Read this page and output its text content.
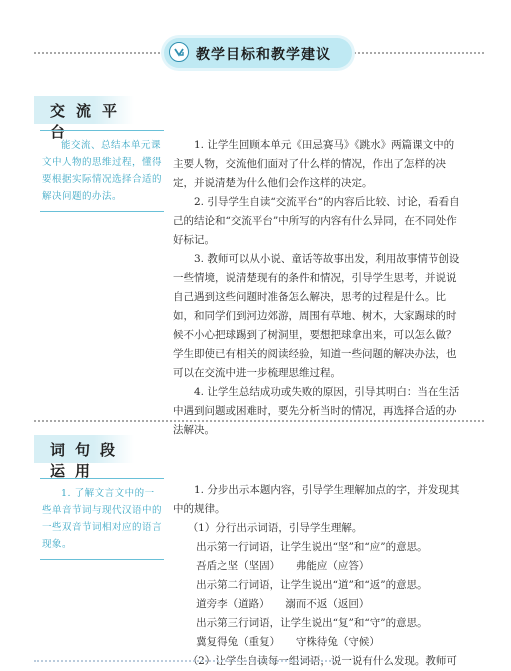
教学目标和教学建议
交流平台
能交流、总结本单元课文中人物的思维过程，懂得要根据实际情况选择合适的解决问题的办法。

1. 让学生回顾本单元《田忌赛马》《跳水》两篇课文中的主要人物，交流他们面对了什么样的情况，作出了怎样的决定，并说清楚为什么他们会作这样的决定。

2. 引导学生自读“交流平台”的内容后比较、讨论，看看自己的结论和“交流平台”中所写的内容有什么异同，在不同处作好标记。

3. 教师可以从小说、童话等故事出发，利用故事情节创设一些情境，说清楚现有的条件和情况，引导学生思考，并说说自己遇到这些问题时准备怎么解决，思考的过程是什么。比如，和同学们到河边郊游，周围有草地、树木，大家踢球的时候不小心把球踢到了树洞里，要想把球拿出来，可以怎么做？学生即使已有相关的阅读经验，知道一些问题的解决办法，也可以在交流中进一步梳理思维过程。

4. 让学生总结成功或失败的原因，引导其明白：当在生活中遇到问题或困难时，要先分析当时的情况，再选择合适的办法解决。

词句段运用
1. 了解文言文中的一些单音节词与现代汉语中的一些双音节词相对应的语言现象。

1. 分步出示本题内容，引导学生理解加点的字，并发现其中的规律。

（1）分行出示词语，引导学生理解。

出示第一行词语，让学生说出“坚”和“应”的意思。

吾盾之坚（坚固）　　弗能应（应答）

出示第二行词语，让学生说出“道”和“返”的意思。

道旁李（道路）　　溺而不返（返回）

出示第三行词语，让学生说出“复”和“守”的意思。

冀复得兔（重复）　　守株待兔（守候）

（2）让学生自读每一组词语，说一说有什么发现。教师可
